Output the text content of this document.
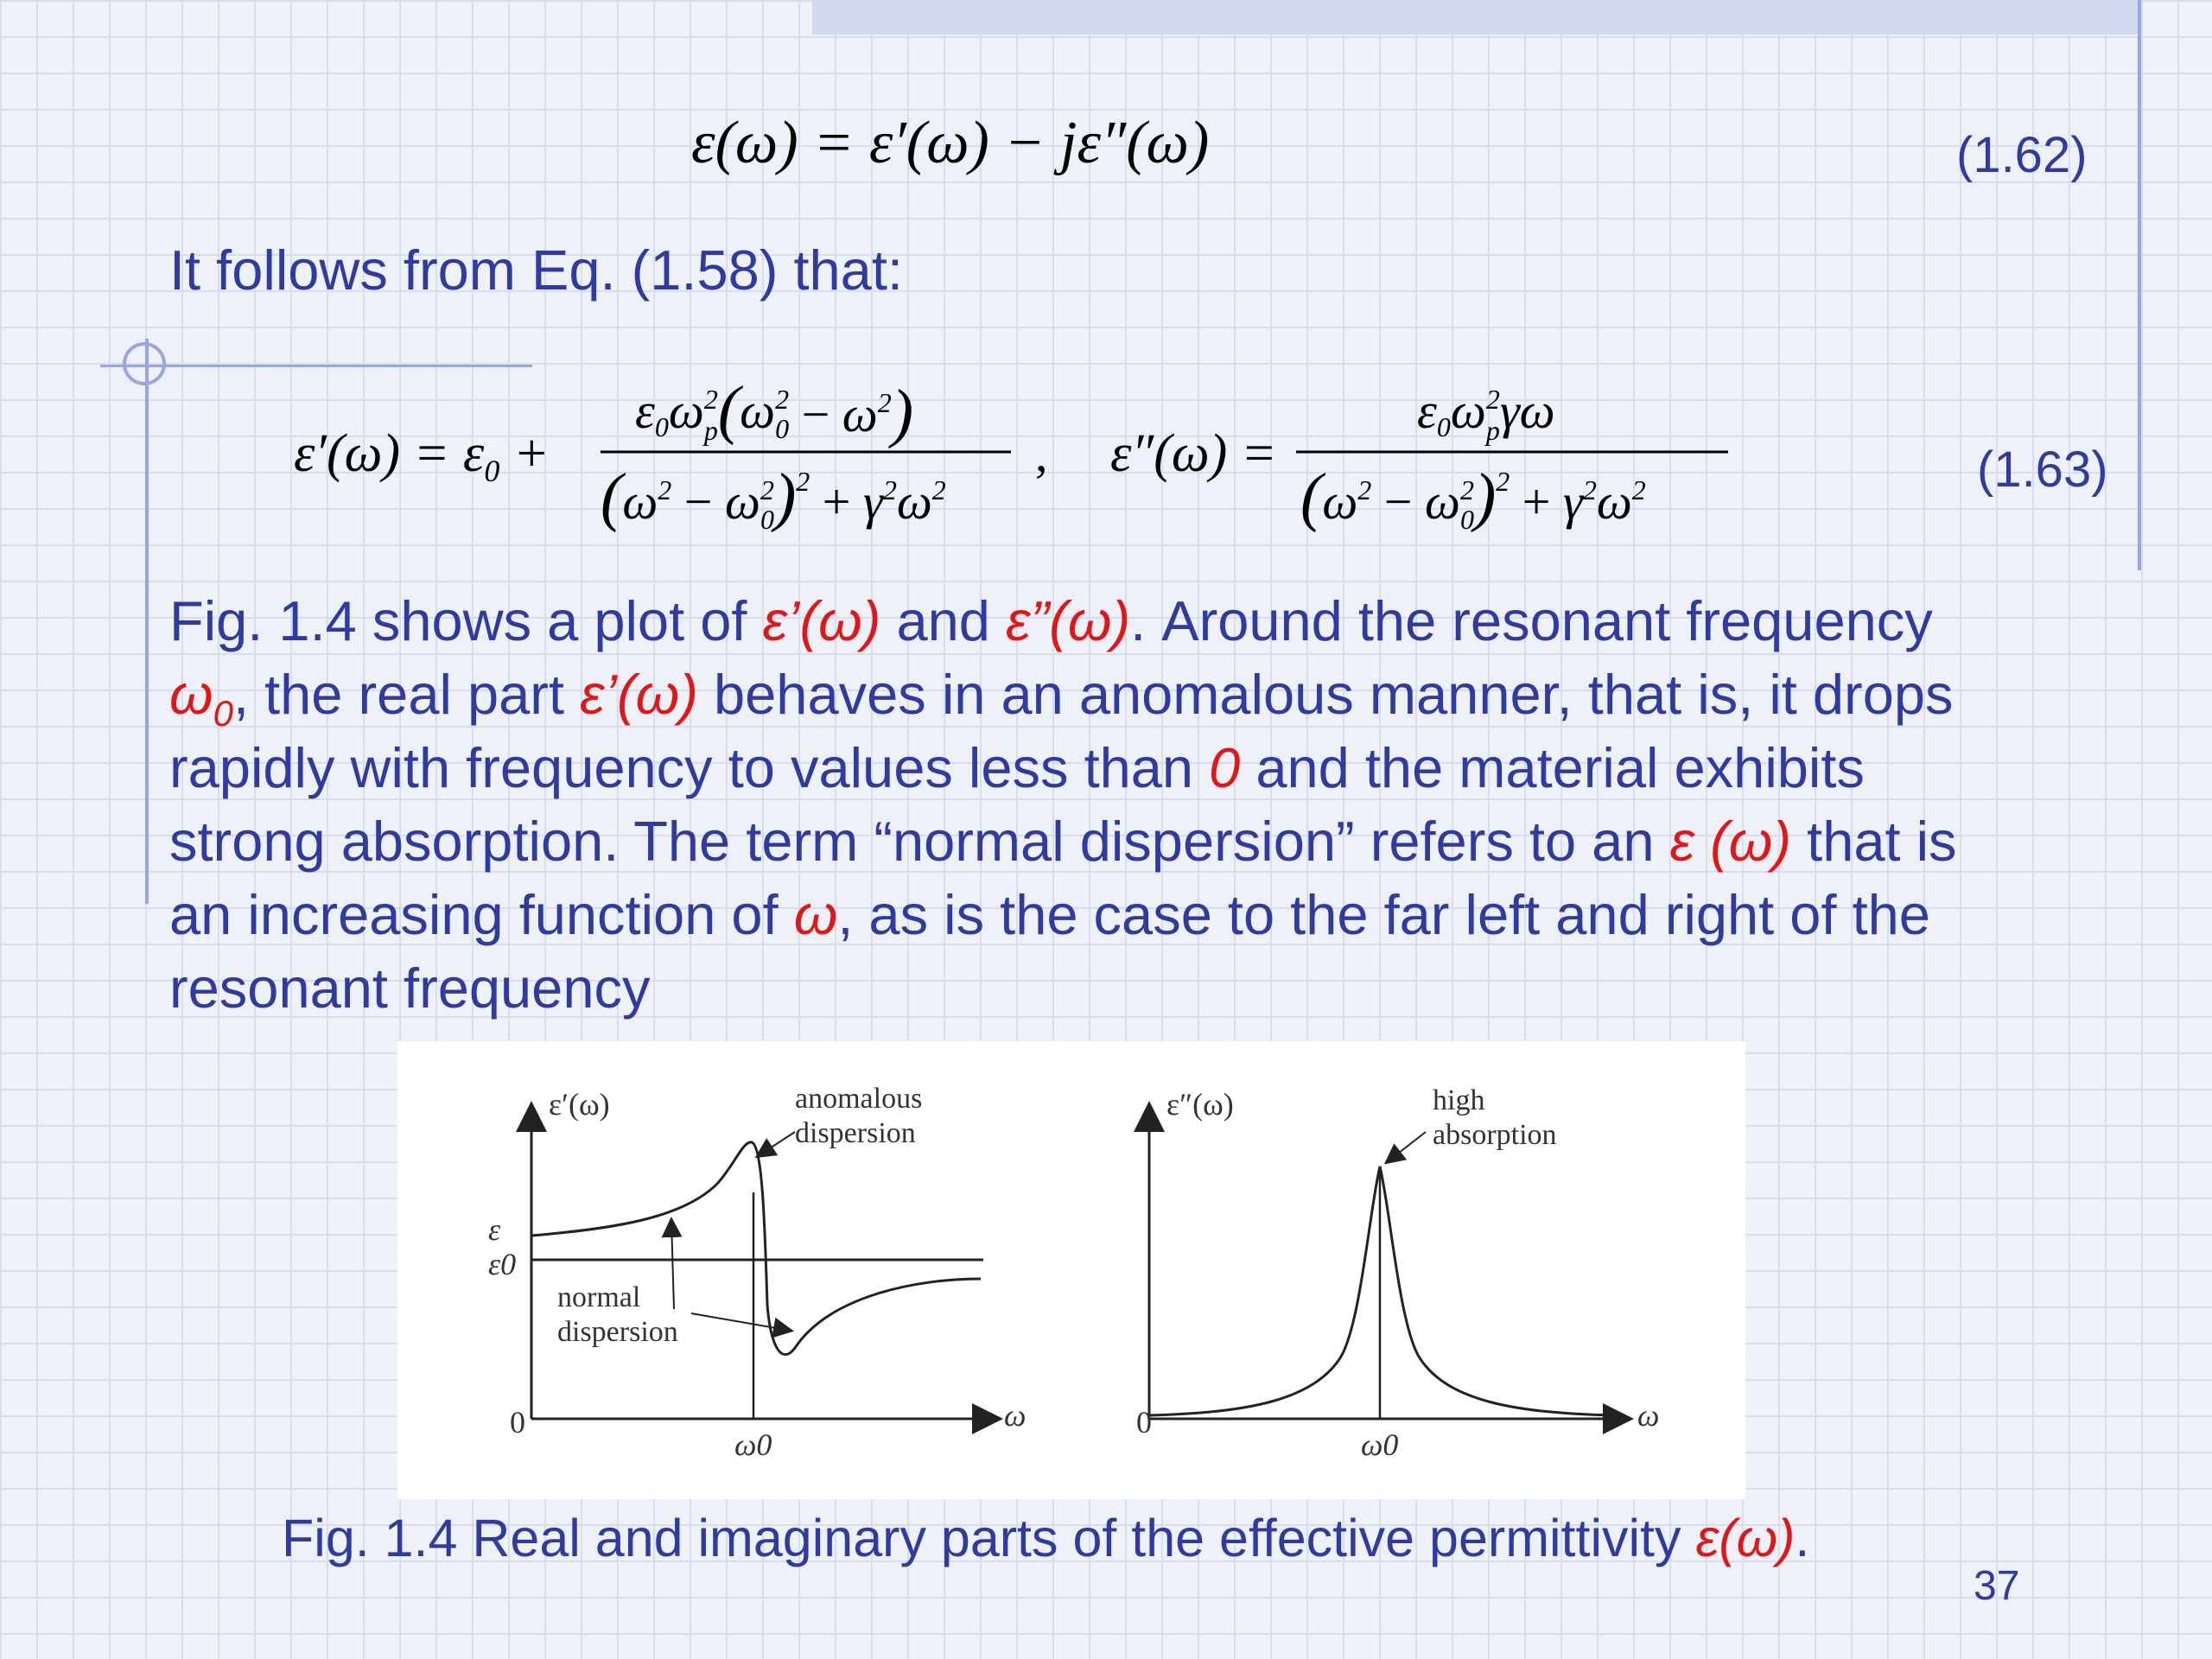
ε(ω) = ε′(ω) − jε″(ω)	(1.62)
It follows from Eq. (1.58) that:
ε′(ω) = ε0 +
$\varepsilon 0\omega^2$ $p(\omega^2$ $0 - \omega^2$)
($\omega^2 - \omega^2$ $0)^2 + \gamma^2\omega^2$
, ε″(ω) =
$\varepsilon 0\omega^2$ pγω
($\omega^2 - \omega^2$ $0)^2 + \gamma^2\omega^2$	(1.63)
Fig. 1.4 shows a plot of ε’(ω) and ε”(ω). Around the resonant frequency
$\omega_0$, the real part ε’(ω) behaves in an anomalous manner, that is, it drops
rapidly with frequency to values less than 0 and the material exhibits
strong absorption. The term “normal dispersion” refers to an ε (ω) that is
an increasing function of ω, as is the case to the far left and right of the
resonant frequency
ε′(ω)
ω
0
ω0
ε
ε0
anomalous
dispersion
normal
dispersion
ε″(ω)
ω
0
ω0
high
absorption
Fig. 1.4 Real and imaginary parts of the effective permittivity ε(ω).
37
